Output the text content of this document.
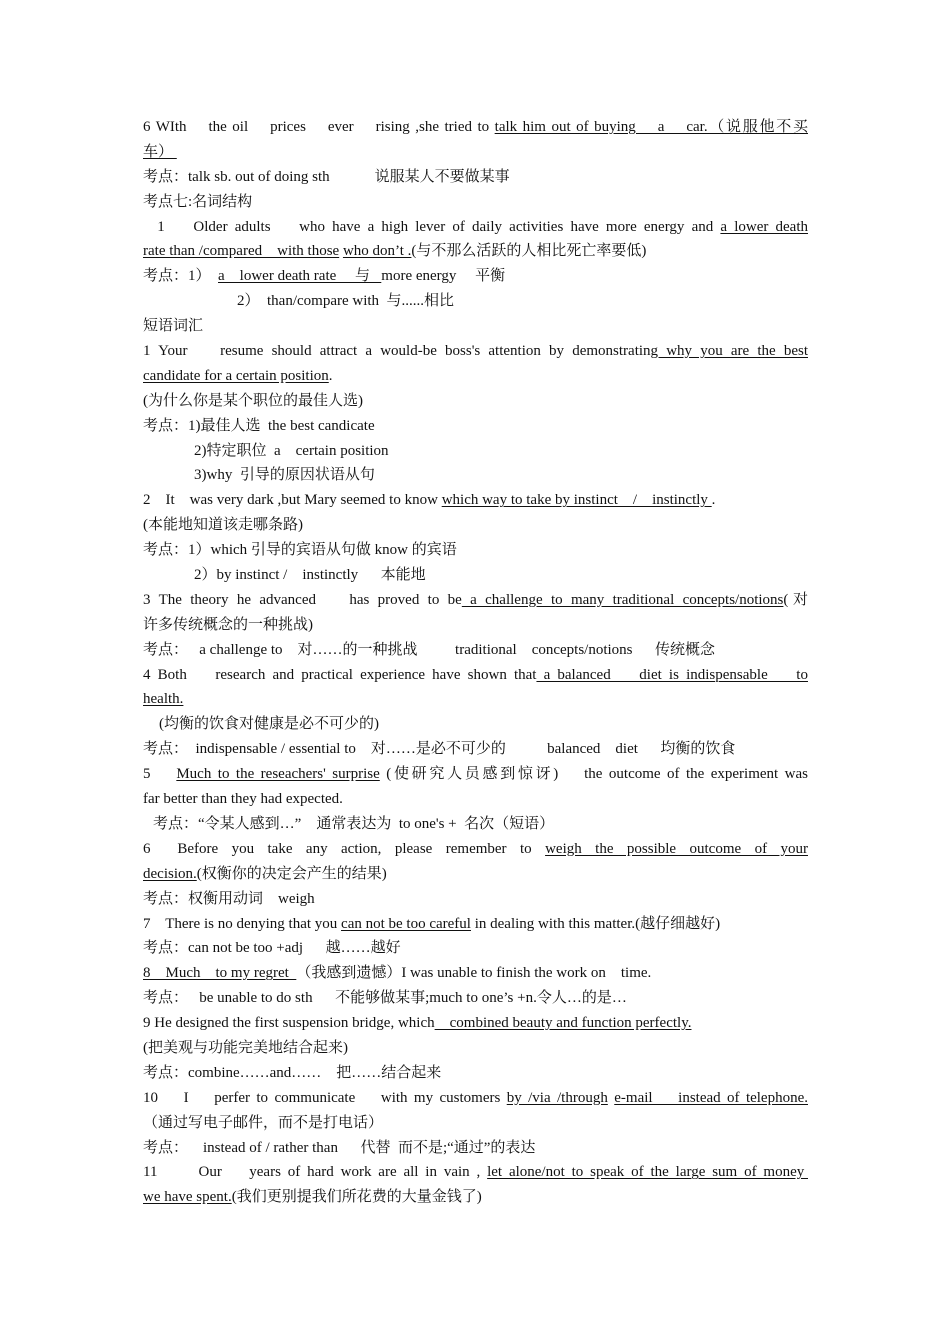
6 WIth    the oil    prices    ever    rising ,she tried to talk him out of buying    a    car.（说服他不买
车）
考点：talk sb. out of doing sth            说服某人不要做某事
考点七:名词结构
1    Older adults    who have a high lever of daily activities have more energy and a lower death
rate than /compared    with those who don’t .(与不那么活跃的人相比死亡率要低)
考点：1）  a    lower death rate     与   more energy     平衡
2）  than/compare with  与......相比
短语词汇
1 Your    resume should attract a would-be boss's attention by demonstrating why you are the best
candidate for a certain position.
(为什么你是某个职位的最佳人选)
考点：1)最佳人选  the best candicate
2)特定职位  a    certain position
3)why  引导的原因状语从句
2    It    was very dark ,but Mary seemed to know which way to take by instinct    /    instinctly .
(本能地知道该走哪条路)
考点：1）which 引导的宾语从句做 know 的宾语
2）by instinct /    instinctly      本能地
3 The theory he advanced    has proved to be a challenge to many traditional concepts/notions(对
许多传统概念的一种挑战)
考点：   a challenge to    对……的一种挑战          traditional    concepts/notions      传统概念
4 Both    research and practical experience have shown that a balanced    diet is indispensable    to
health.
(均衡的饮食对健康是必不可少的)
考点：  indispensable / essential to    对……是必不可少的           balanced    diet      均衡的饮食
5    Much to the reseachers' surprise (使研究人员感到惊讶)    the outcome of the experiment was
far better than they had expected.
考点：“令某人感到…”    通常表达为  to one's +  名次（短语）
6    Before  you  take  any  action,  please  remember  to  weigh  the  possible  outcome  of  your
decision.(权衡你的决定会产生的结果)
考点：权衡用动词    weigh
7    There is no denying that you can not be too careful in dealing with this matter.(越仔细越好)
考点：can not be too +adj      越……越好
8    Much    to my regret  （我感到遗憾）I was unable to finish the work on    time.
考点：   be unable to do sth      不能够做某事;much to one’s +n.令人…的是…
9 He designed the first suspension bridge, which    combined beauty and function perfectly.
(把美观与功能完美地结合起来)
考点：combine……and……    把……结合起来
10    I    perfer to communicate    with my customers by /via /through e-mail    instead of telephone.
（通过写电子邮件，而不是打电话）
考点：    instead of / rather than      代替  而不是;“通过”的表达
11      Our    years of hard work are all in vain , let alone/not to speak of the large sum of money
we have spent.(我们更别提我们所花费的大量金钱了)
